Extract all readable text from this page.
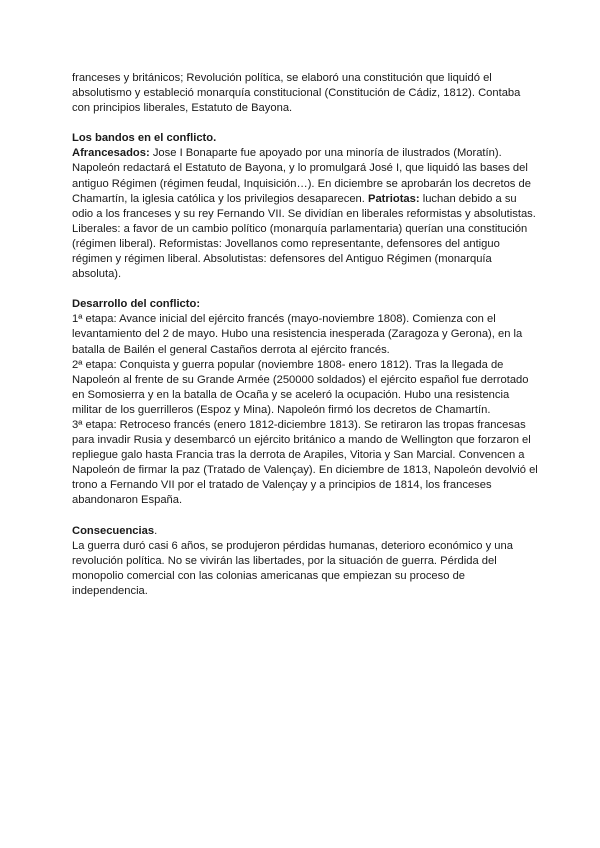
franceses y británicos; Revolución política, se elaboró una constitución que liquidó el absolutismo y estableció monarquía constitucional (Constitución de Cádiz, 1812). Contaba con principios liberales, Estatuto de Bayona.

Los bandos en el conflicto.

Afrancesados: Jose I Bonaparte fue apoyado por una minoría de ilustrados (Moratín). Napoleón redactará el Estatuto de Bayona, y lo promulgará José I, que liquidó las bases del antiguo Régimen (régimen feudal, Inquisición…). En diciembre se aprobarán los decretos de Chamartín, la iglesia católica y los privilegios desaparecen. Patriotas: luchan debido a su odio a los franceses y su rey Fernando VII. Se dividían en liberales reformistas y absolutistas.

Liberales: a favor de un cambio político (monarquía parlamentaria) querían una constitución (régimen liberal). Reformistas: Jovellanos como representante, defensores del antiguo régimen y régimen liberal. Absolutistas: defensores del Antiguo Régimen (monarquía absoluta).

Desarrollo del conflicto:

1ª etapa: Avance inicial del ejército francés (mayo-noviembre 1808). Comienza con el levantamiento del 2 de mayo. Hubo una resistencia inesperada (Zaragoza y Gerona), en la batalla de Bailén el general Castaños derrota al ejército francés.

2ª etapa: Conquista y guerra popular (noviembre 1808- enero 1812). Tras la llegada de Napoleón al frente de su Grande Armée (250000 soldados) el ejército español fue derrotado en Somosierra y en la batalla de Ocaña y se aceleró la ocupación. Hubo una resistencia militar de los guerrilleros (Espoz y Mina). Napoleón firmó los decretos de Chamartín.

3ª etapa: Retroceso francés (enero 1812-diciembre 1813). Se retiraron las tropas francesas para invadir Rusia y desembarcó un ejército británico a mando de Wellington que forzaron el repliegue galo hasta Francia tras la derrota de Arapiles, Vitoria y San Marcial. Convencen a Napoleón de firmar la paz (Tratado de Valençay). En diciembre de 1813, Napoleón devolvió el trono a Fernando VII por el tratado de Valençay y a principios de 1814, los franceses abandonaron España.

Consecuencias.

La guerra duró casi 6 años, se produjeron pérdidas humanas, deterioro económico y una revolución política. No se vivirán las libertades, por la situación de guerra. Pérdida del monopolio comercial con las colonias americanas que empiezan su proceso de independencia.
